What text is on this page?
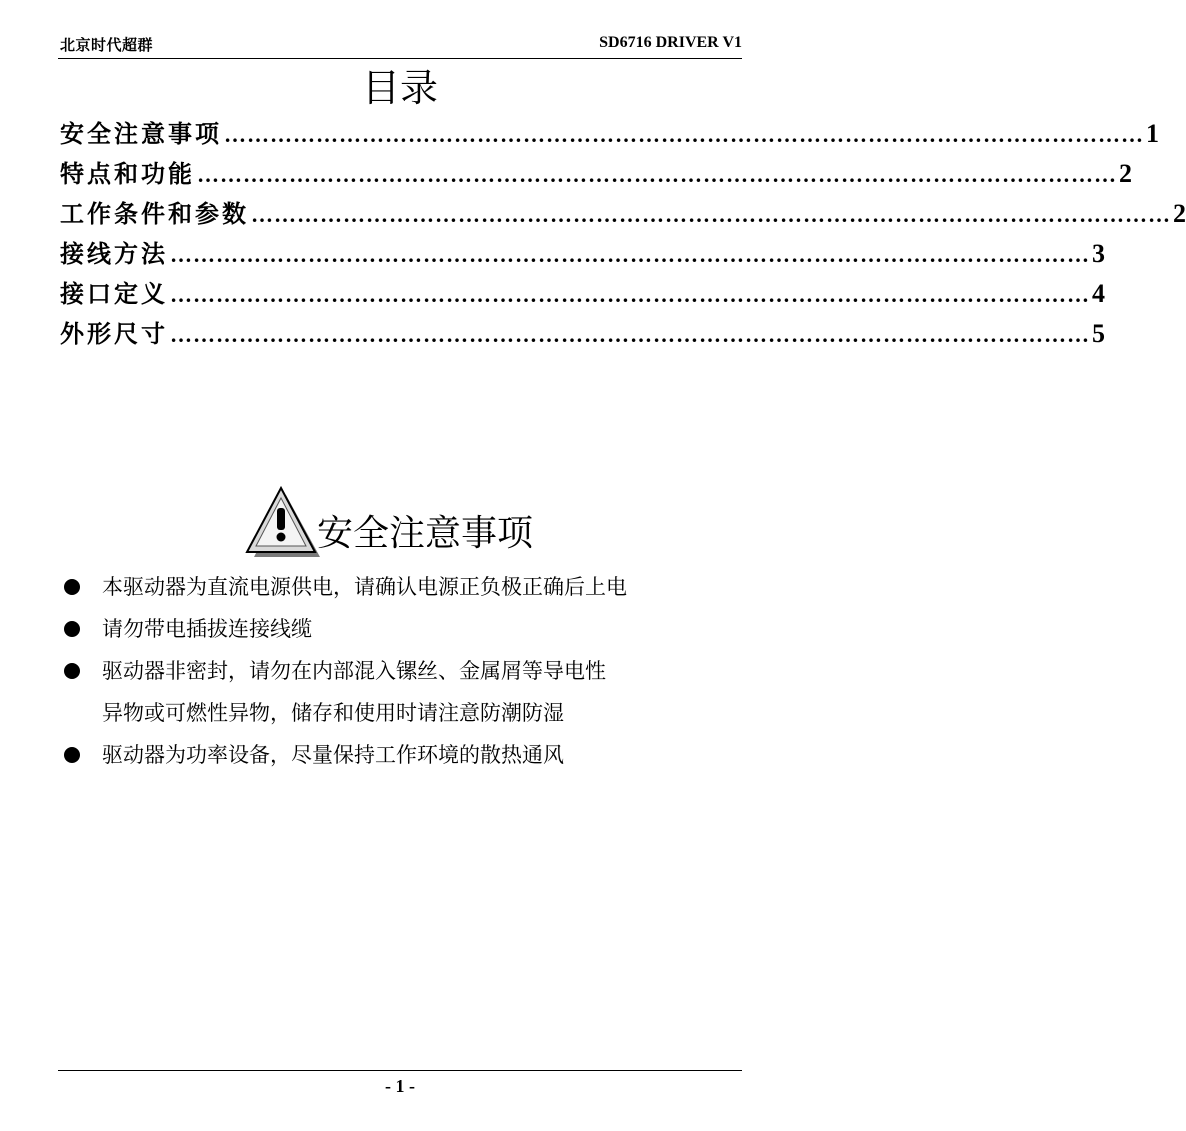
北京时代超群	SD6716 DRIVER V1
目录
安全注意事项 ………………………………………………………………………………………………………… 1
特点和功能 ………………………………………………………………………………………………………… 2
工作条件和参数 ………………………………………………………………………………………………………… 2
接线方法 ………………………………………………………………………………………………………… 3
接口定义 ………………………………………………………………………………………………………… 4
外形尺寸 ………………………………………………………………………………………………………… 5
安全注意事项
本驱动器为直流电源供电，请确认电源正负极正确后上电
请勿带电插拔连接线缆
驱动器非密封，请勿在内部混入镙丝、金属屑等导电性
异物或可燃性异物，储存和使用时请注意防潮防湿
驱动器为功率设备，尽量保持工作环境的散热通风
- 1 -
